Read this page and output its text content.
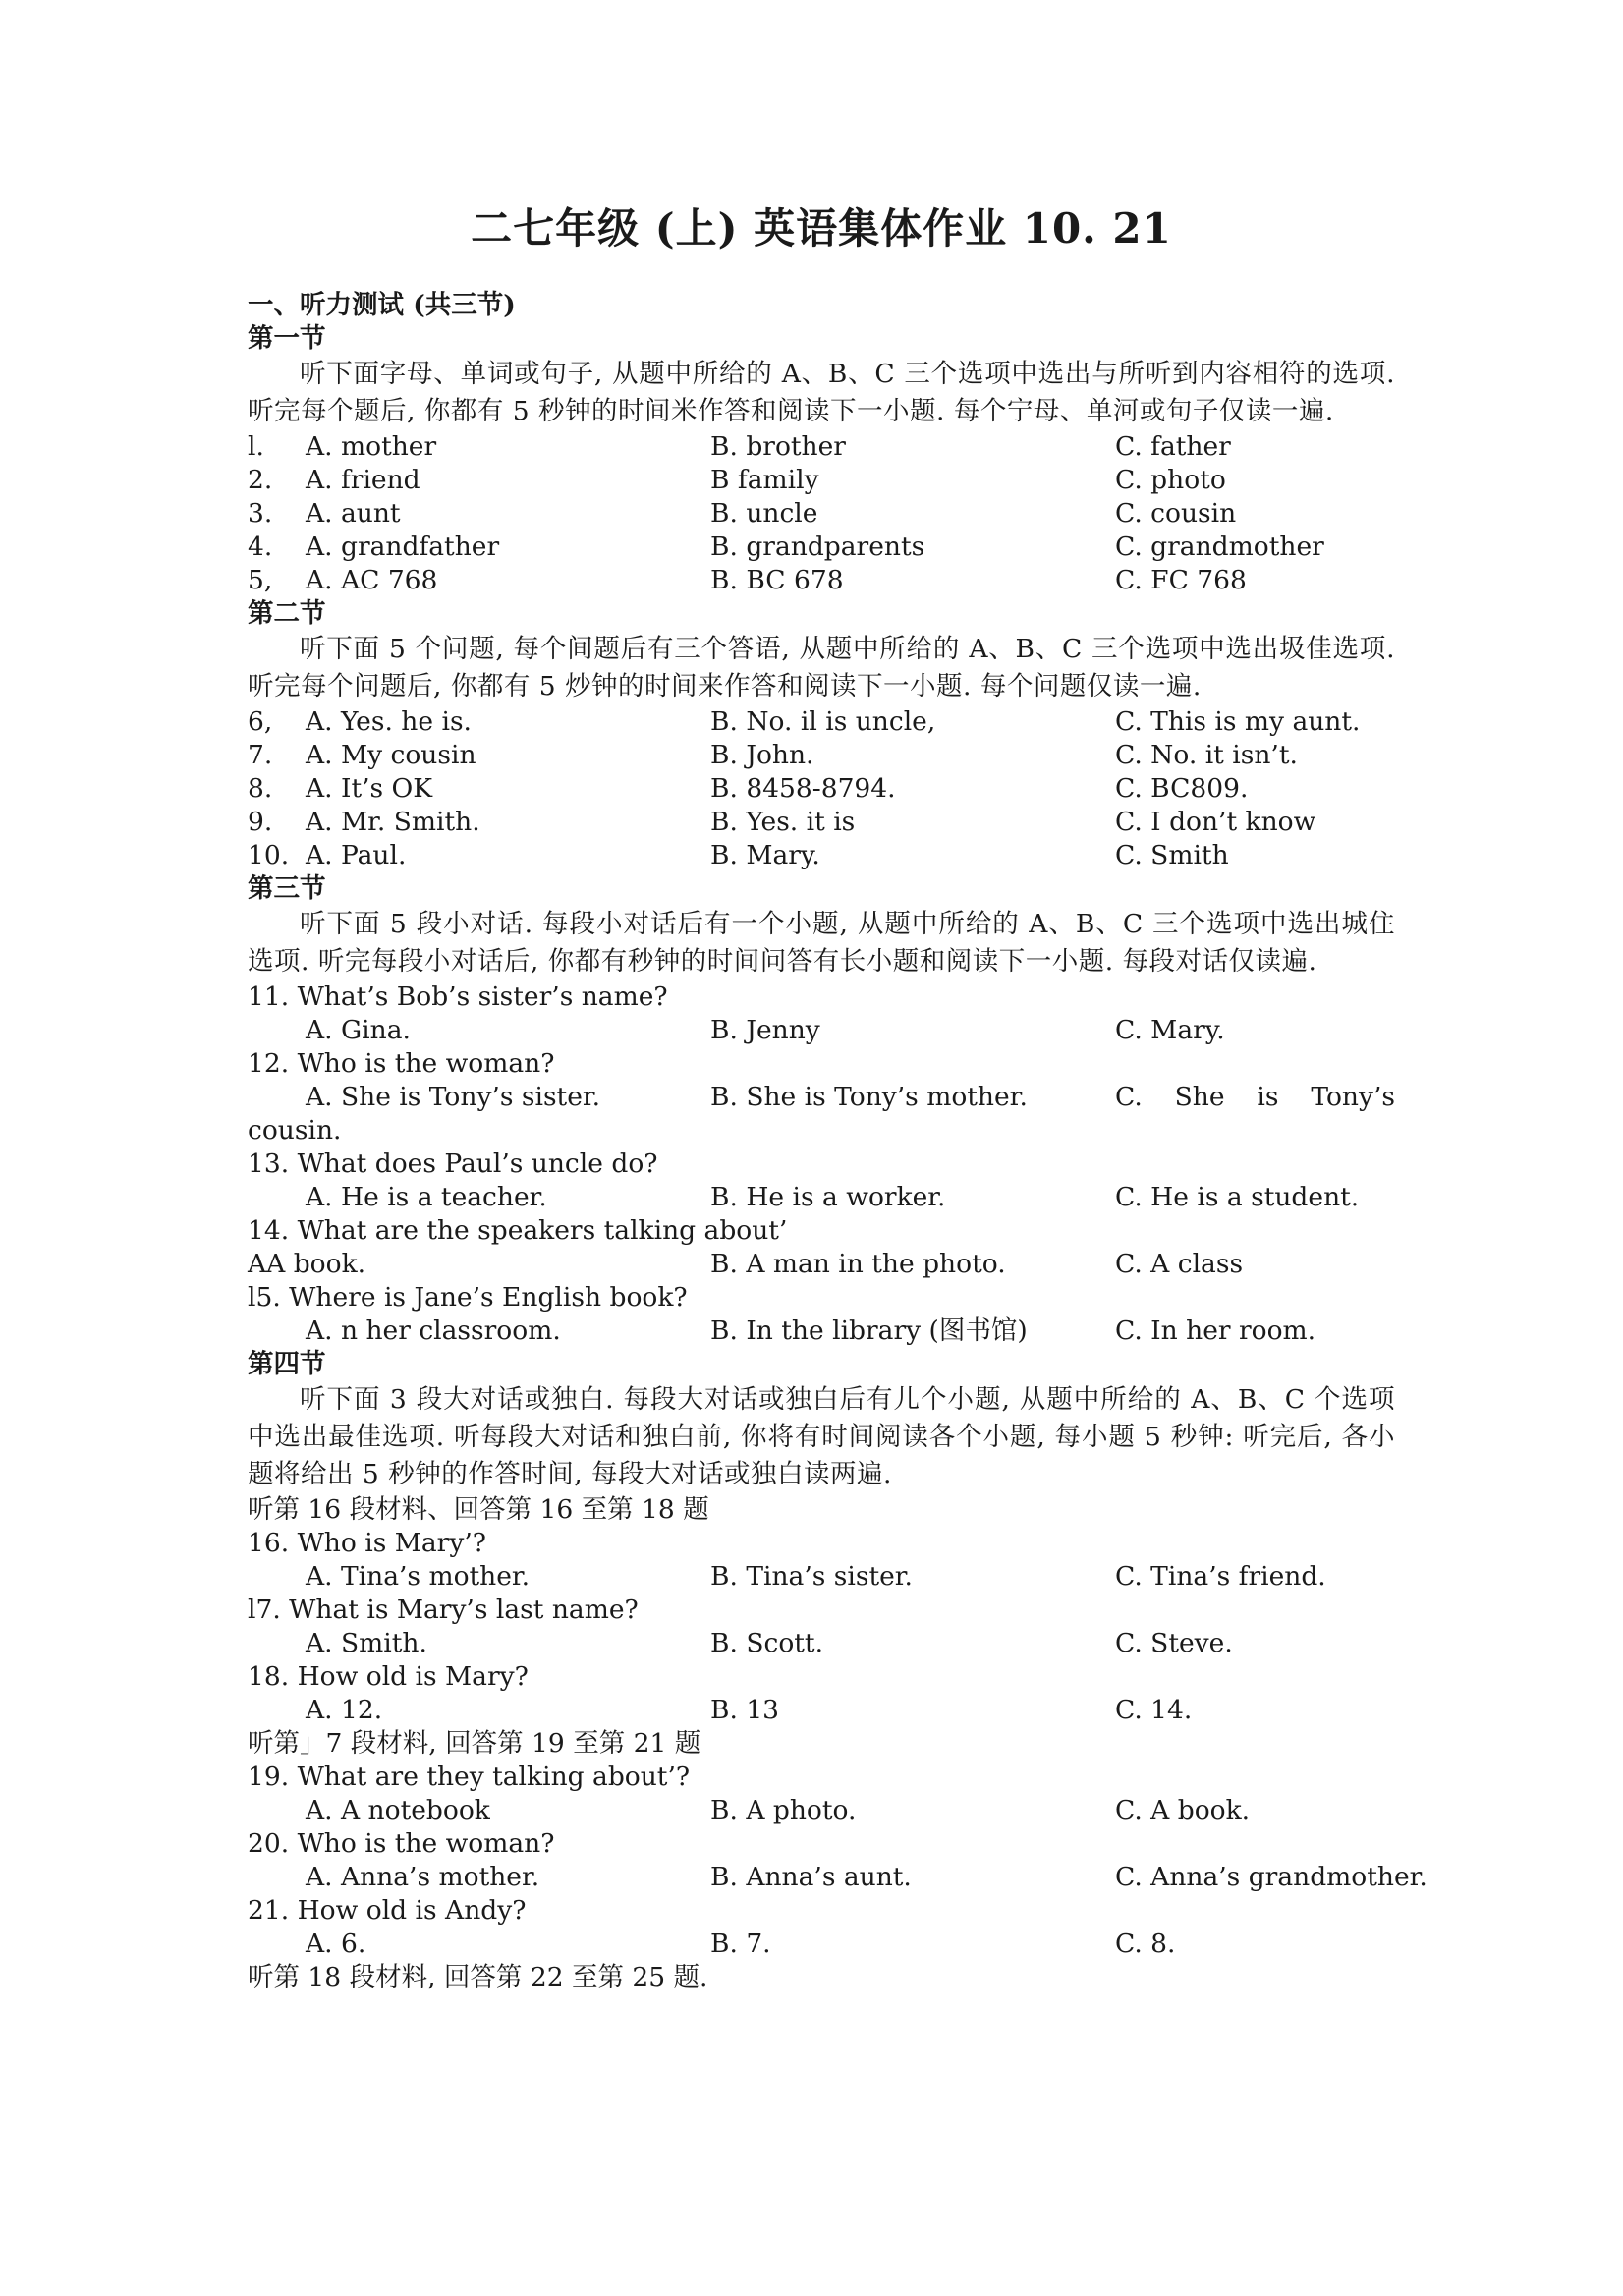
二七年级 (上) 英语集体作业 10. 21
一、听力测试 (共三节)
第一节

听下面字母、单词或句子, 从题中所给的 A、B、C 三个选项中选出与所听到内容相符的选项. 听完每个题后, 你都有 5 秒钟的时间米作答和阅读下一小题. 每个宁母、单河或句子仅读一遍.

l. A. mother	B. brother	C. father
2. A. friend	B family	C. photo
3. A. aunt	B. uncle	C. cousin
4. A. grandfather	B. grandparents	C. grandmother
5, A. AC 768	B. BC 678	C. FC 768
第二节

听下面 5 个问题, 每个间题后有三个答语, 从题中所给的 A、B、C 三个选项中选出圾佳选项. 听完每个问题后, 你都有 5 炒钟的时间来作答和阅读下一小题. 每个问题仅读一遍.

6, A. Yes. he is.	B. No. il is uncle,	C. This is my aunt.
7. A. My cousin	B. John.	C. No. it isn’t.
8. A. It’s OK	B. 8458-8794.	C. BC809.
9. A. Mr. Smith.	B. Yes. it is	C. I don’t know
10. A. Paul.	B. Mary.	C. Smith
第三节

听下面 5 段小对话. 每段小对话后有一个小题, 从题中所给的 A、B、C 三个选项中选出城住选项. 听完每段小对话后, 你都有秒钟的时间问答有长小题和阅读下一小题. 每段对话仅读遍.

11. What’s Bob’s sister’s name?
A. Gina.	B. Jenny	C. Mary.
12. Who is the woman?
A. She is Tony’s sister.	B. She is Tony’s mother.	C. She is Tony’s
cousin.
13. What does Paul’s uncle do?
A. He is a teacher.	B. He is a worker.	C. He is a student.
14. What are the speakers talking about’
AA book.	B. A man in the photo.	C. A class
l5. Where is Jane’s English book?
A. n her classroom.	B. In the library (图书馆)	C. In her room.
第四节

听下面 3 段大对话或独白. 每段大对话或独白后有儿个小题, 从题中所给的 A、B、C 个选项中选出最佳选项. 听每段大对话和独白前, 你将有时间阅读各个小题, 每小题 5 秒钟: 听完后, 各小题将给出 5 秒钟的作答时间, 每段大对话或独白读两遍.

听第 16 段材料、回答第 16 至第 18 题
16. Who is Mary’?
A. Tina’s mother.	B. Tina’s sister.	C. Tina’s friend.
l7. What is Mary’s last name?
A. Smith.	B. Scott.	C. Steve.
18. How old is Mary?
A. 12.	B. 13	C. 14.
听第」7 段材料, 回答第 19 至第 21 题
19. What are they talking about’?
A. A notebook	B. A photo.	C. A book.
20. Who is the woman?
A. Anna’s mother.	B. Anna’s aunt.	C. Anna’s grandmother.
21. How old is Andy?
A. 6.	B. 7.	C. 8.
听第 18 段材料, 回答第 22 至第 25 题.
